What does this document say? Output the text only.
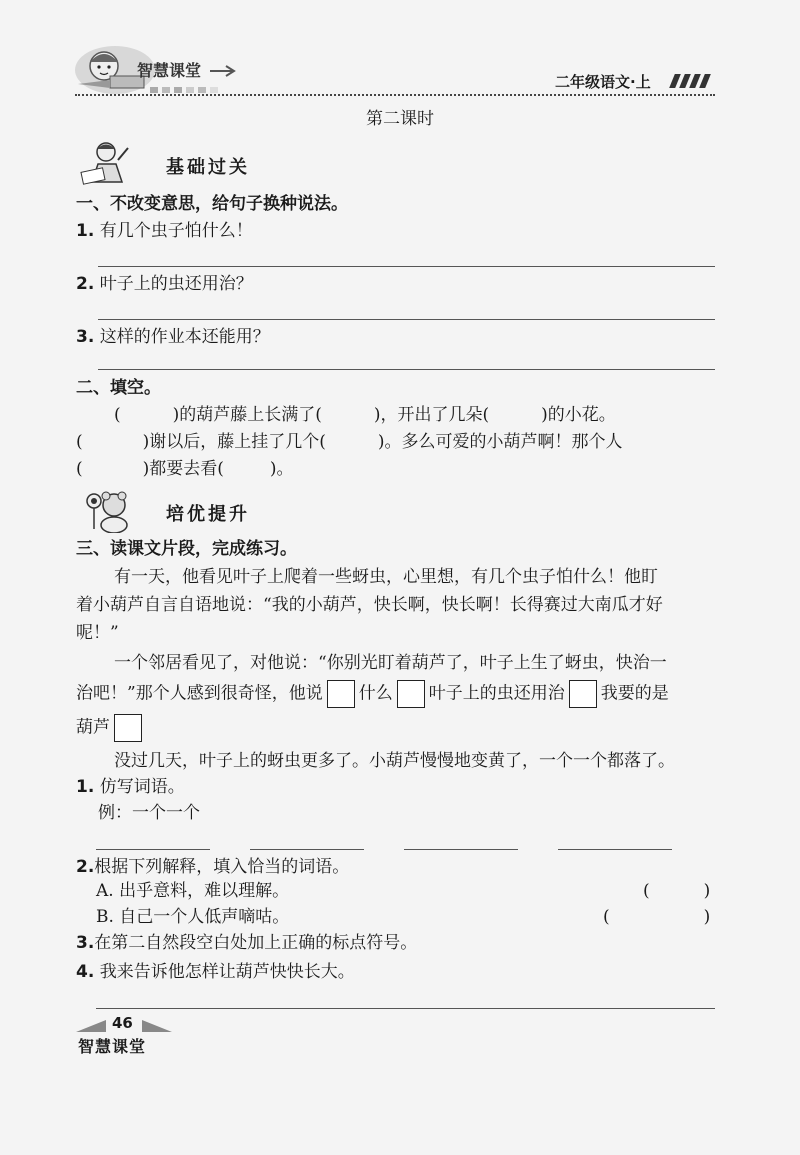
智慧课堂
二年级语文·上
第二课时
基础过关
一、不改变意思，给句子换种说法。
1. 有几个虫子怕什么！
2. 叶子上的虫还用治？
3. 这样的作业本还能用？
二、填空。
(	)的葫芦藤上长满了(	)，开出了几朵(	)的小花。
(	)谢以后，藤上挂了几个(	)。多么可爱的小葫芦啊！那个人
(	)都要去看(	)。
培优提升
三、读课文片段，完成练习。
有一天，他看见叶子上爬着一些蚜虫，心里想，有几个虫子怕什么！他盯
着小葫芦自言自语地说：“我的小葫芦，快长啊，快长啊！长得赛过大南瓜才好
呢！”
一个邻居看见了，对他说：“你别光盯着葫芦了，叶子上生了蚜虫，快治一
治吧！”那个人感到很奇怪，他说 什么 叶子上的虫还用治 我要的是
葫芦
没过几天，叶子上的蚜虫更多了。小葫芦慢慢地变黄了，一个一个都落了。
1. 仿写词语。
例：一个一个
2.根据下列解释，填入恰当的词语。
A. 出乎意料，难以理解。	(	)
B. 自己一个人低声嘀咕。	(	)
3.在第二自然段空白处加上正确的标点符号。
4. 我来告诉他怎样让葫芦快快长大。
46
智慧课堂
